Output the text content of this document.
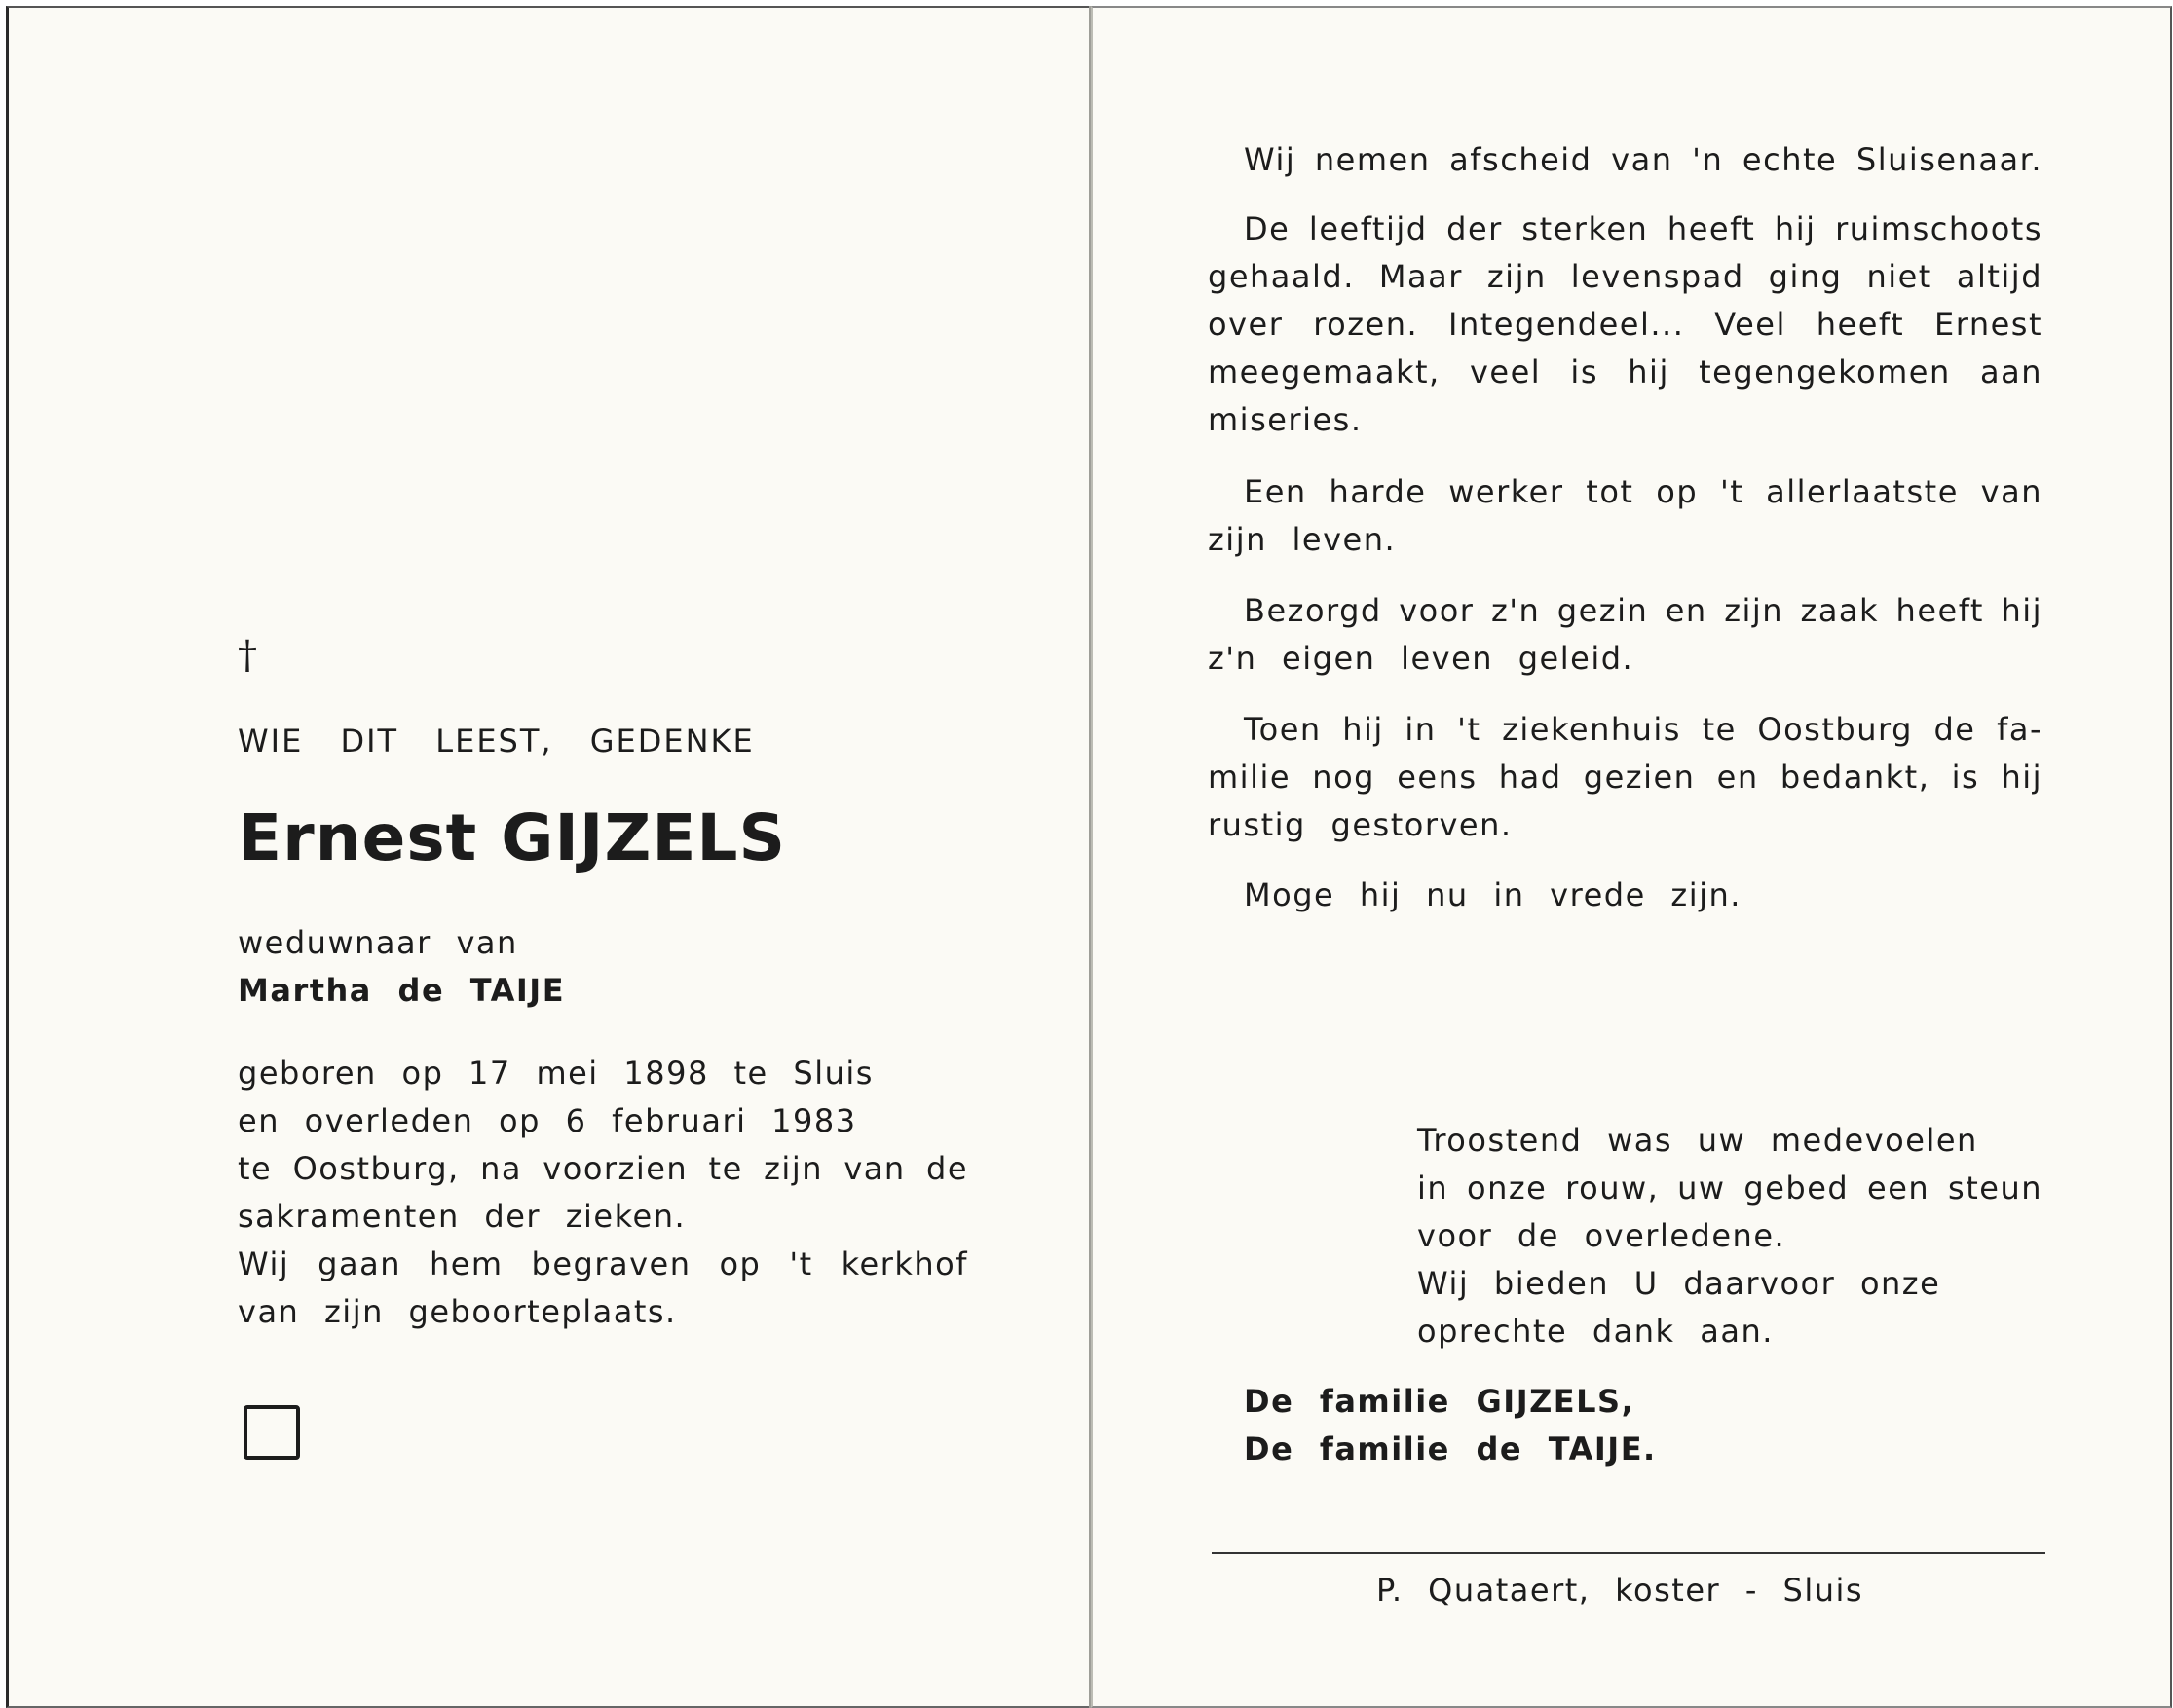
†
WIE DIT LEEST, GEDENKE
Ernest GIJZELS
weduwnaar van
Martha de TAIJE
geboren op 17 mei 1898 te Sluis
en overleden op 6 februari 1983
te Oostburg, na voorzien te zijn van de
sakramenten der zieken.
Wij gaan hem begraven op 't kerkhof
van zijn geboorteplaats.
Wij nemen afscheid van 'n echte Sluisenaar.
De leeftijd der sterken heeft hij ruimschoots
gehaald. Maar zijn levenspad ging niet altijd
over rozen. Integendeel... Veel heeft Ernest
meegemaakt, veel is hij tegengekomen aan
miseries.
Een harde werker tot op 't allerlaatste van
zijn leven.
Bezorgd voor z'n gezin en zijn zaak heeft hij
z'n eigen leven geleid.
Toen hij in 't ziekenhuis te Oostburg de fa-
milie nog eens had gezien en bedankt, is hij
rustig gestorven.
Moge hij nu in vrede zijn.
Troostend was uw medevoelen
in onze rouw, uw gebed een steun
voor de overledene.
Wij bieden U daarvoor onze
oprechte dank aan.
De familie GIJZELS,
De familie de TAIJE.
P. Quataert, koster - Sluis
